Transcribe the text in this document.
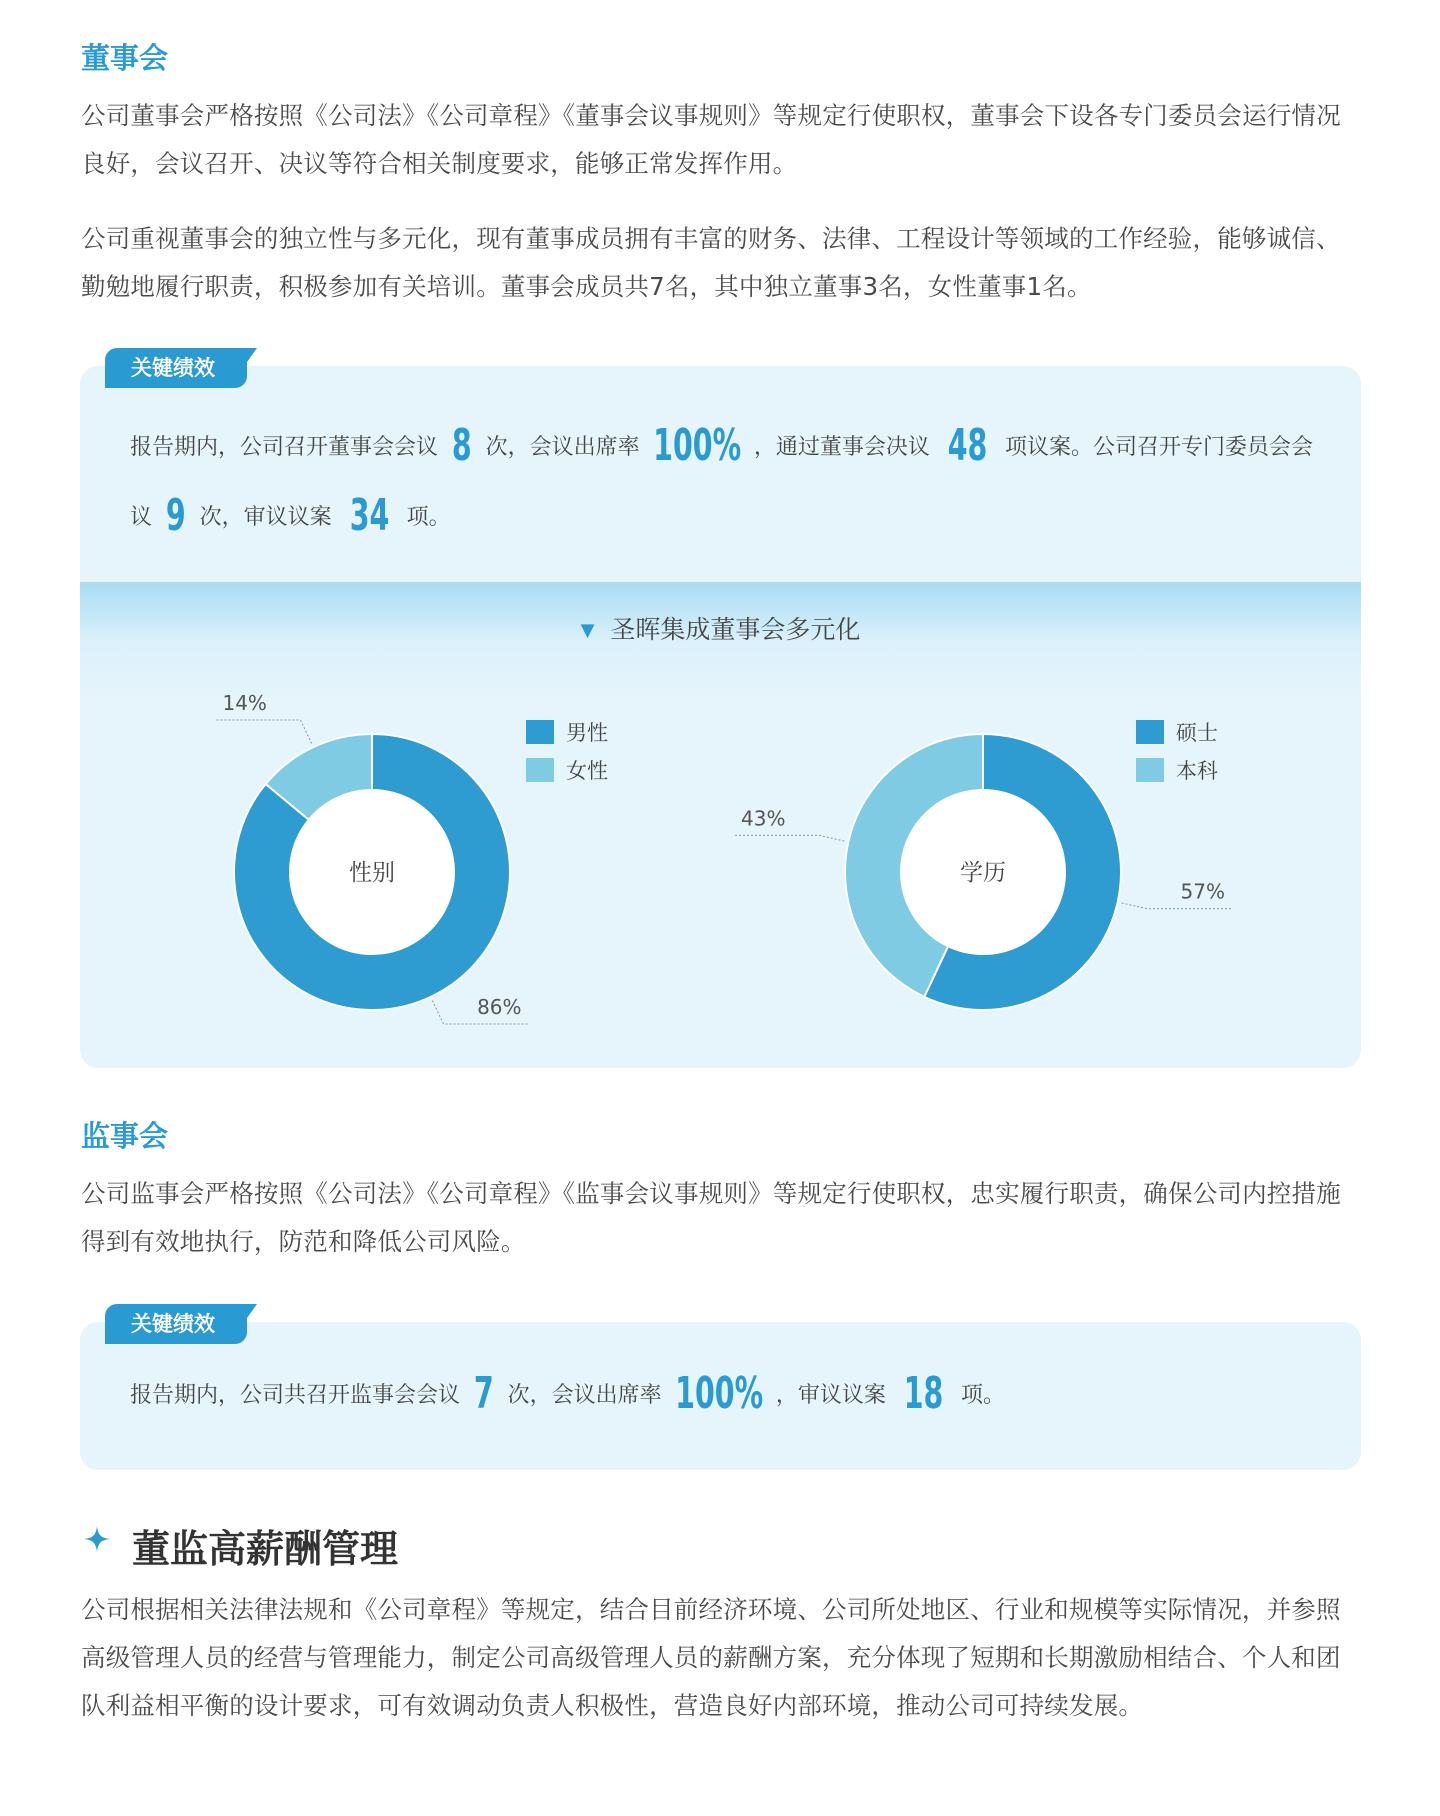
董事会

公司董事会严格按照《公司法》《公司章程》《董事会议事规则》等规定行使职权，董事会下设各专门委员会运行情况良好，会议召开、决议等符合相关制度要求，能够正常发挥作用。

公司重视董事会的独立性与多元化，现有董事成员拥有丰富的财务、法律、工程设计等领域的工作经验，能够诚信、勤勉地履行职责，积极参加有关培训。董事会成员共7名，其中独立董事3名，女性董事1名。

关键绩效

报告期内，公司召开董事会会议 8 次，会议出席率 100% ，通过董事会决议 48 项议案。公司召开专门委员会会议 9 次，审议议案 34 项。

▼ 圣晖集成董事会多元化
86%
14%
性别
男性
女性
57%
43%
学历
硕士
本科
监事会

公司监事会严格按照《公司法》《公司章程》《监事会议事规则》等规定行使职权，忠实履行职责，确保公司内控措施得到有效地执行，防范和降低公司风险。

关键绩效

报告期内，公司共召开监事会会议 7 次，会议出席率 100% ，审议议案 18 项。

董监高薪酬管理

公司根据相关法律法规和《公司章程》等规定，结合目前经济环境、公司所处地区、行业和规模等实际情况，并参照高级管理人员的经营与管理能力，制定公司高级管理人员的薪酬方案，充分体现了短期和长期激励相结合、个人和团队利益相平衡的设计要求，可有效调动负责人积极性，营造良好内部环境，推动公司可持续发展。
